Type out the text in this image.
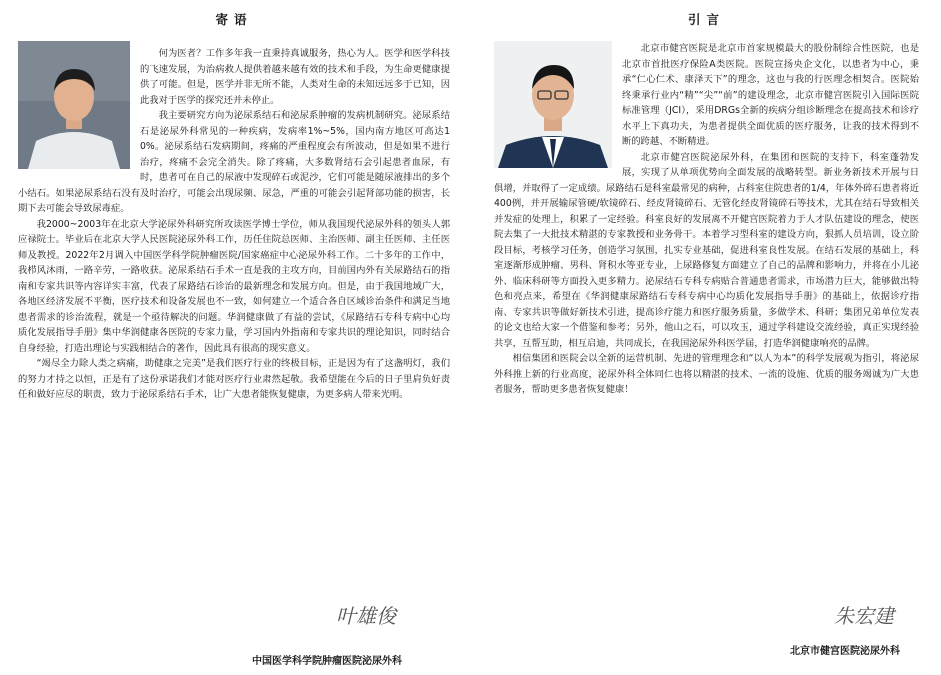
寄语

何为医者？工作多年我一直秉持真诚服务，热心为人。医学和医学科技的飞速发展，为治病救人提供着越来越有效的技术和手段，为生命更健康提供了可能。但是，医学并非无所不能，人类对生命的未知远远多于已知，因此我对于医学的探究还并未停止。

我主要研究方向为泌尿系结石和泌尿系肿瘤的发病机制研究。泌尿系结石是泌尿外科常见的一种疾病，发病率1%~5%，国内南方地区可高达10%。泌尿系结石发病期间，疼痛的严重程度会有所波动，但是如果不进行治疗，疼痛不会完全消失。除了疼痛，大多数肾结石会引起患者血尿，有时，患者可在自己的尿液中发现碎石或泥沙，它们可能是随尿液排出的多个小结石。如果泌尿系结石没有及时治疗，可能会出现尿频、尿急，严重的可能会引起肾部功能的损害，长期下去可能会导致尿毒症。

我2000~2003年在北京大学泌尿外科研究所攻读医学博士学位，师从我国现代泌尿外科的领头人郭应禄院士。毕业后在北京大学人民医院泌尿外科工作，历任住院总医师、主治医师、副主任医师、主任医师及教授。2022年2月调入中国医学科学院肿瘤医院/国家癌症中心泌尿外科工作。二十多年的工作中，我栉风沐雨，一路辛劳，一路收获。泌尿系结石手术一直是我的主攻方向，目前国内外有关尿路结石的指南和专家共识等内容详实丰富，代表了尿路结石诊治的最新理念和发展方向。但是，由于我国地域广大，各地区经济发展不平衡，医疗技术和设备发展也不一致，如何建立一个适合各自区域诊治条件和满足当地患者需求的诊治流程，就是一个亟待解决的问题。华润健康做了有益的尝试，《尿路结石专科专病中心均质化发展指导手册》集中华润健康各医院的专家力量，学习国内外指南和专家共识的理论知识，同时结合自身经验，打造出理论与实践相结合的著作，因此具有很高的现实意义。

“竭尽全力除人类之病痛，助健康之完美”是我们医疗行业的终极目标，正是因为有了这盏明灯，我们的努力才持之以恒，正是有了这份承诺我们才能对医疗行业肃然起敬。我希望能在今后的日子里肩负好责任和做好应尽的职责，致力于泌尿系结石手术，让广大患者能恢复健康，为更多病人带来光明。

叶雄俊
中国医学科学院肿瘤医院泌尿外科
引言

北京市健宫医院是北京市首家规模最大的股份制综合性医院，也是北京市首批医疗保险A类医院。医院宣扬央企文化，以患者为中心，秉承“仁心仁术、康泽天下”的理念，这也与我的行医理念相契合。医院始终秉承行业内“精”“尖”“前”的建设理念，北京市健宫医院引入国际医院标准管理（JCI），采用DRGs全新的疾病分组诊断理念在提高技术和诊疗水平上下真功夫，为患者提供全面优质的医疗服务，让我的技术得到不断的跨越、不断精进。

北京市健宫医院泌尿外科，在集团和医院的支持下，科室蓬勃发展，实现了从单项优势向全面发展的战略转型。新业务新技术开展与日俱增，并取得了一定成绩。尿路结石是科室最常见的病种，占科室住院患者的1/4，年体外碎石患者将近400例，并开展输尿管硬/软镜碎石、经皮肾镜碎石、无管化经皮肾镜碎石等技术，尤其在结石导致相关并发症的处理上，积累了一定经验。科室良好的发展离不开健宫医院着力于人才队伍建设的理念，使医院去集了一大批技术精湛的专家教授和业务骨干。本着学习型科室的建设方向，狠抓人员培训，设立阶段目标，考核学习任务，创造学习氛围，扎实专业基础，促进科室良性发展。在结石发展的基础上，科室逐渐形成肿瘤、男科、肾积水等亚专业，上尿路修复方面建立了自己的品牌和影响力，并将在小儿泌外、临床科研等方面投入更多精力。泌尿结石专科专病贴合普通患者需求，市场潜力巨大，能够做出特色和亮点来，希望在《华润健康尿路结石专科专病中心均质化发展指导手册》的基础上，依据诊疗指南、专家共识等做好新技术引进，提高诊疗能力和医疗服务质量，多做学术、科研；集团兄弟单位发表的论文也给大家一个借鉴和参考；另外，他山之石，可以攻玉，通过学科建设交流经验，真正实现经验共享，互帮互助，相互启迪，共同成长，在我国泌尿外科医学届，打造华润健康响亮的品牌。

相信集团和医院会以全新的运营机制、先进的管理理念和“以人为本”的科学发展观为指引，将泌尿外科推上新的行业高度，泌尿外科全体同仁也将以精湛的技术、一流的设施、优质的服务竭诚为广大患者服务，帮助更多患者恢复健康！

朱宏建
北京市健宫医院泌尿外科
